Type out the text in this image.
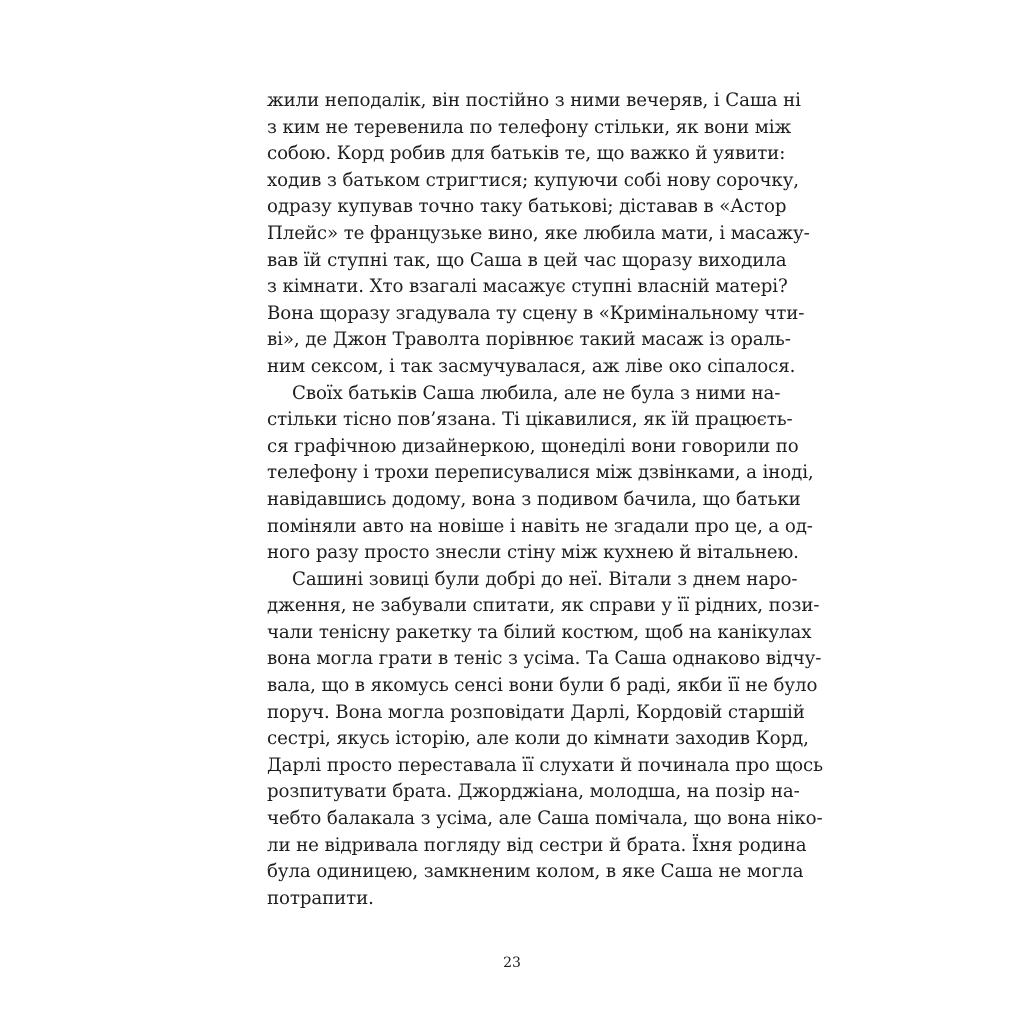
жили неподалік, він постійно з ними вечеряв, і Саша ні
з ким не теревенила по телефону стільки, як вони між
собою. Корд робив для батьків те, що важко й уявити:
ходив з батьком стригтися; купуючи собі нову сорочку,
одразу купував точно таку батькові; діставав в «Астор
Плейс» те французьке вино, яке любила мати, і масажу-
вав їй ступні так, що Саша в цей час щоразу виходила
з кімнати. Хто взагалі масажує ступні власній матері?
Вона щоразу згадувала ту сцену в «Кримінальному чти-
ві», де Джон Траволта порівнює такий масаж із ораль-
ним сексом, і так засмучувалася, аж ліве око сіпалося.
Своїх батьків Саша любила, але не була з ними на-
стільки тісно пов’язана. Ті цікавилися, як їй працюєть-
ся графічною дизайнеркою, щонеділі вони говорили по
телефону і трохи переписувалися між дзвінками, а іноді,
навідавшись додому, вона з подивом бачила, що батьки
поміняли авто на новіше і навіть не згадали про це, а од-
ного разу просто знесли стіну між кухнею й вітальнею.
Сашині зовиці були добрі до неї. Вітали з днем наро-
дження, не забували спитати, як справи у її рідних, пози-
чали тенісну ракетку та білий костюм, щоб на канікулах
вона могла грати в теніс з усіма. Та Саша однаково відчу-
вала, що в якомусь сенсі вони були б раді, якби її не було
поруч. Вона могла розповідати Дарлі, Кордовій старшій
сестрі, якусь історію, але коли до кімнати заходив Корд,
Дарлі просто переставала її слухати й починала про щось
розпитувати брата. Джорджіана, молодша, на позір на-
чебто балакала з усіма, але Саша помічала, що вона ніко-
ли не відривала погляду від сестри й брата. Їхня родина
була одиницею, замкненим колом, в яке Саша не могла
потрапити.
23
